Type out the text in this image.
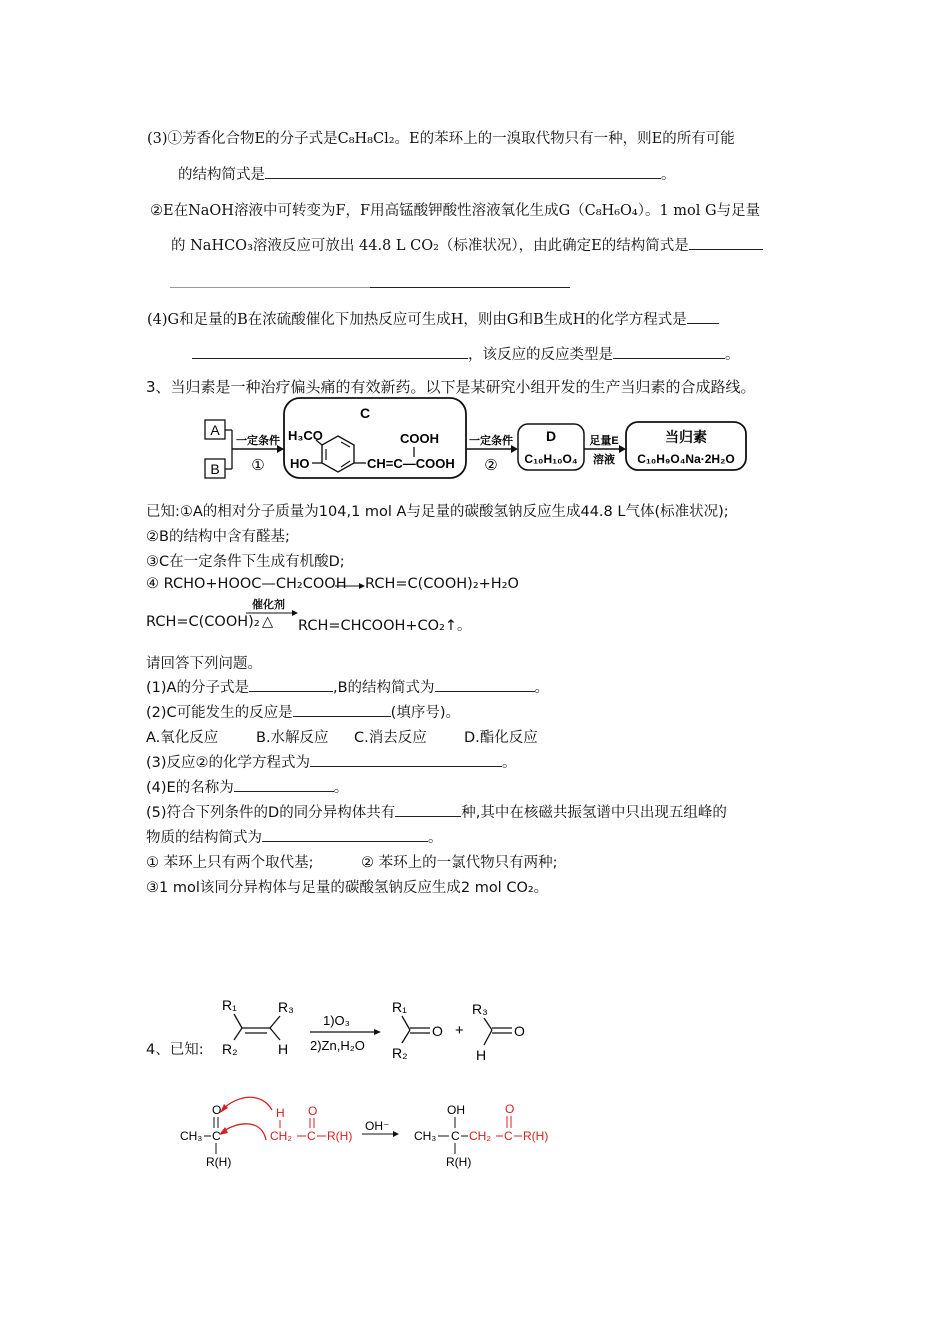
(3)①芳香化合物E的分子式是C₈H₈Cl₂。E的苯环上的一溴取代物只有一种，则E的所有可能
的结构简式是	。
②E在NaOH溶液中可转变为F，F用高锰酸钾酸性溶液氧化生成G（C₈H₆O₄）。1 mol G与足量
的 NaHCO₃溶液反应可放出 44.8 L CO₂（标准状况），由此确定E的结构简式是
(4)G和足量的B在浓硫酸催化下加热反应可生成H，则由G和B生成H的化学方程式是
，该反应的反应类型是	。
3、当归素是一种治疗偏头痛的有效新药。以下是某研究小组开发的生产当归素的合成路线。
A
B
一定条件
①
C
H₃CO
HO
COOH
CH=C—COOH
一定条件
②
D
C₁₀H₁₀O₄
足量E
溶液
当归素
C₁₀H₉O₄Na·2H₂O
已知:①A的相对分子质量为104,1 mol A与足量的碳酸氢钠反应生成44.8 L气体(标准状况);
②B的结构中含有醛基;
③C在一定条件下生成有机酸D;
④ RCHO+HOOC—CH₂COOH RCH=C(COOH)₂+H₂O
催化剂
RCH=C(COOH)₂ △ RCH=CHCOOH+CO₂↑。
请回答下列问题。
(1)A的分子式是	,B的结构简式为	。
(2)C可能发生的反应是	(填序号)。
A.氧化反应	B.水解反应 C.消去反应	D.酯化反应
(3)反应②的化学方程式为	。
(4)E的名称为	。
(5)符合下列条件的D的同分异构体共有	种,其中在核磁共振氢谱中只出现五组峰的
物质的结构简式为	。
① 苯环上只有两个取代基;	② 苯环上的一氯代物只有两种;
③1 mol该同分异构体与足量的碳酸氢钠反应生成2 mol CO₂。
4、已知:
R₁	R₃
R₂	H
1)O₃
2)Zn,H₂O
R₁
R₂
O +
R₃
H
O
O
CH₃ C
R(H)
H
CH₂ C
O
R(H)
OH⁻
OH
CH₃ C
R(H)
CH₂ C
O
R(H)
